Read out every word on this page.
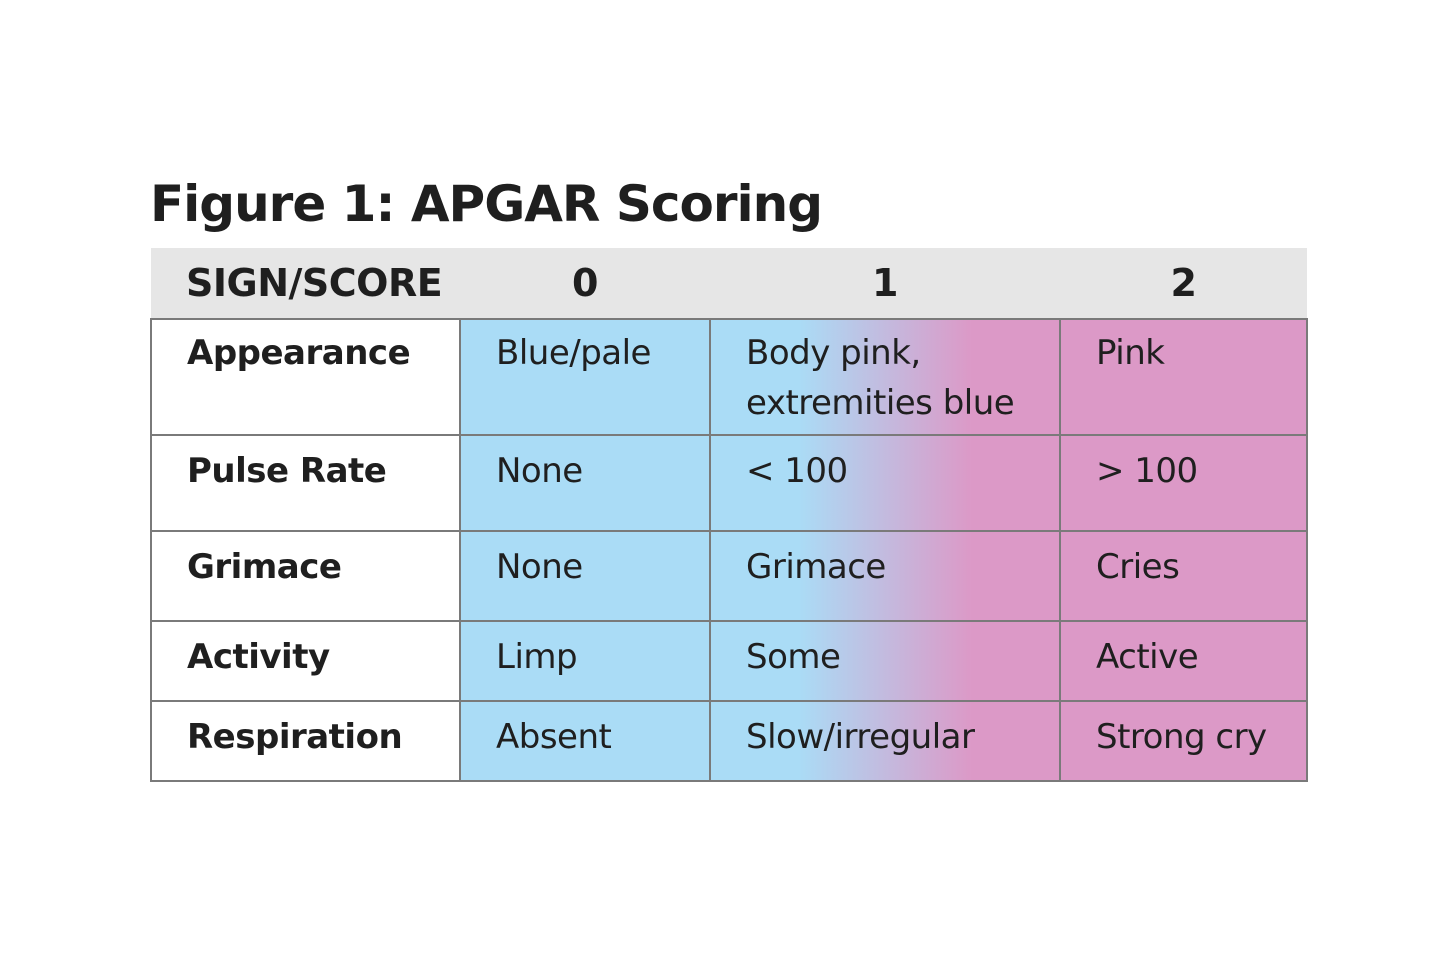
Figure 1: APGAR Scoring
SIGN/SCORE	0	1	2
Appearance	Blue/pale	Body pink, extremities blue	Pink
Pulse Rate	None	< 100	> 100
Grimace	None	Grimace	Cries
Activity	Limp	Some	Active
Respiration	Absent	Slow/irregular	Strong cry
